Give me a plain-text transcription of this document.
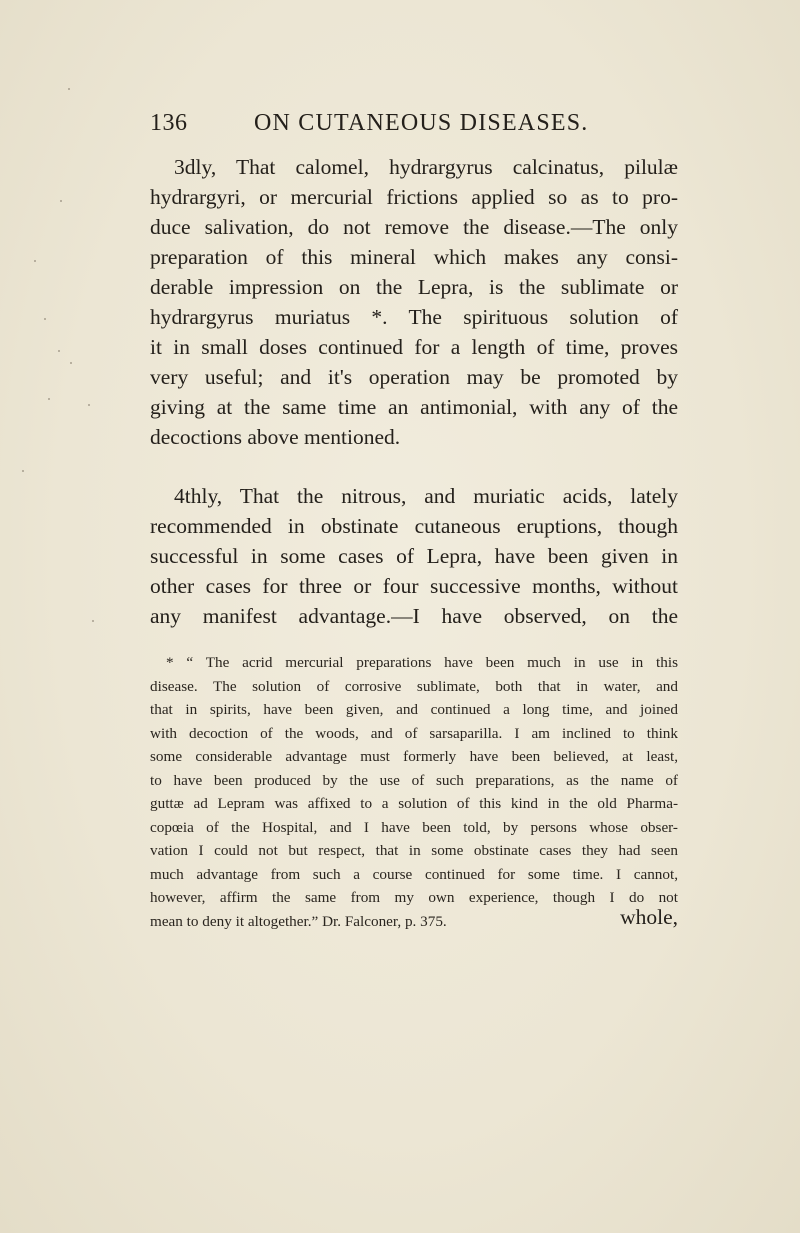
136	ON CUTANEOUS DISEASES.
3dly, That calomel, hydrargyrus calcinatus, pilulæ
hydrargyri, or mercurial frictions applied so as to pro-
duce salivation, do not remove the disease.—The only
preparation of this mineral which makes any consi-
derable impression on the Lepra, is the sublimate or
hydrargyrus muriatus *. The spirituous solution of
it in small doses continued for a length of time, proves
very useful; and it's operation may be promoted by
giving at the same time an antimonial, with any of the
decoctions above mentioned.
4thly, That the nitrous, and muriatic acids, lately
recommended in obstinate cutaneous eruptions, though
successful in some cases of Lepra, have been given in
other cases for three or four successive months, without
any manifest advantage.—I have observed, on the
* “ The acrid mercurial preparations have been much in use in this
disease. The solution of corrosive sublimate, both that in water, and
that in spirits, have been given, and continued a long time, and joined
with decoction of the woods, and of sarsaparilla. I am inclined to think
some considerable advantage must formerly have been believed, at least,
to have been produced by the use of such preparations, as the name of
guttæ ad Lepram was affixed to a solution of this kind in the old Pharma-
copœia of the Hospital, and I have been told, by persons whose obser-
vation I could not but respect, that in some obstinate cases they had seen
much advantage from such a course continued for some time. I cannot,
however, affirm the same from my own experience, though I do not
mean to deny it altogether.” Dr. Falconer, p. 375.	whole,
